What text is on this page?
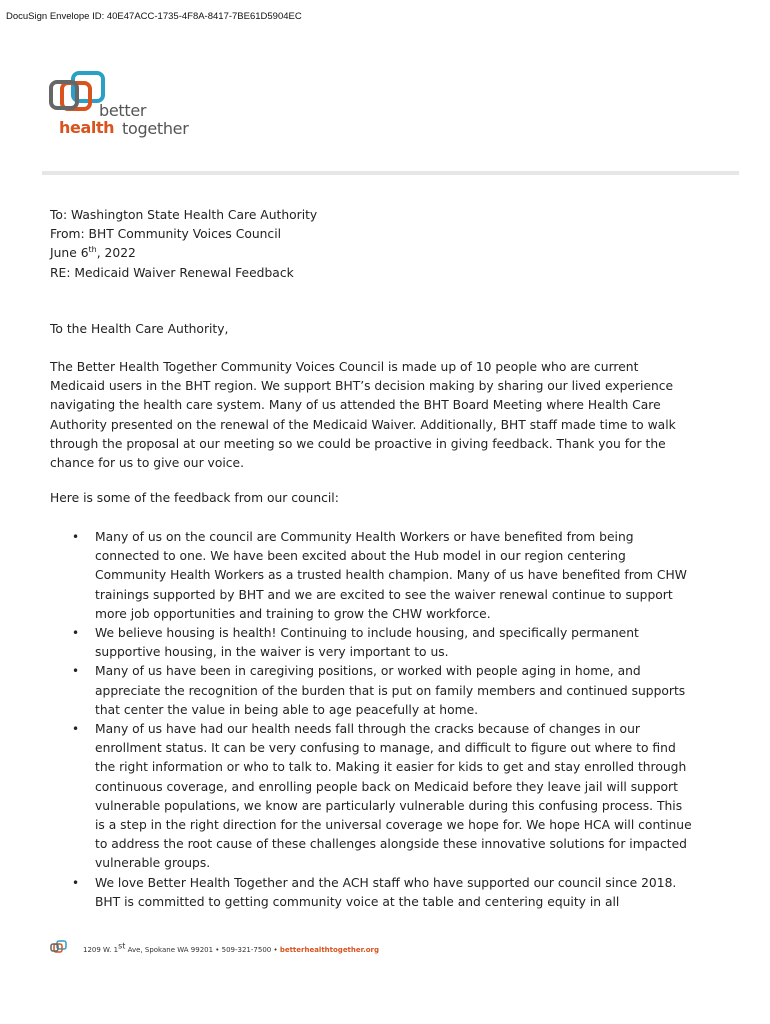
DocuSign Envelope ID: 40E47ACC-1735-4F8A-8417-7BE61D5904EC
better
health together
To: Washington State Health Care Authority
From: BHT Community Voices Council
June 6th, 2022
RE: Medicaid Waiver Renewal Feedback
To the Health Care Authority,
The Better Health Together Community Voices Council is made up of 10 people who are current Medicaid users in the BHT region. We support BHT’s decision making by sharing our lived experience navigating the health care system. Many of us attended the BHT Board Meeting where Health Care Authority presented on the renewal of the Medicaid Waiver. Additionally, BHT staff made time to walk through the proposal at our meeting so we could be proactive in giving feedback. Thank you for the chance for us to give our voice.
Here is some of the feedback from our council:
• Many of us on the council are Community Health Workers or have benefited from being connected to one. We have been excited about the Hub model in our region centering Community Health Workers as a trusted health champion. Many of us have benefited from CHW trainings supported by BHT and we are excited to see the waiver renewal continue to support more job opportunities and training to grow the CHW workforce.
• We believe housing is health! Continuing to include housing, and specifically permanent supportive housing, in the waiver is very important to us.
• Many of us have been in caregiving positions, or worked with people aging in home, and appreciate the recognition of the burden that is put on family members and continued supports that center the value in being able to age peacefully at home.
• Many of us have had our health needs fall through the cracks because of changes in our enrollment status. It can be very confusing to manage, and difficult to figure out where to find the right information or who to talk to. Making it easier for kids to get and stay enrolled through continuous coverage, and enrolling people back on Medicaid before they leave jail will support vulnerable populations, we know are particularly vulnerable during this confusing process. This is a step in the right direction for the universal coverage we hope for. We hope HCA will continue to address the root cause of these challenges alongside these innovative solutions for impacted vulnerable groups.
• We love Better Health Together and the ACH staff who have supported our council since 2018. BHT is committed to getting community voice at the table and centering equity in all
1209 W. 1st Ave, Spokane WA 99201 • 509-321-7500 • betterhealthtogether.org
